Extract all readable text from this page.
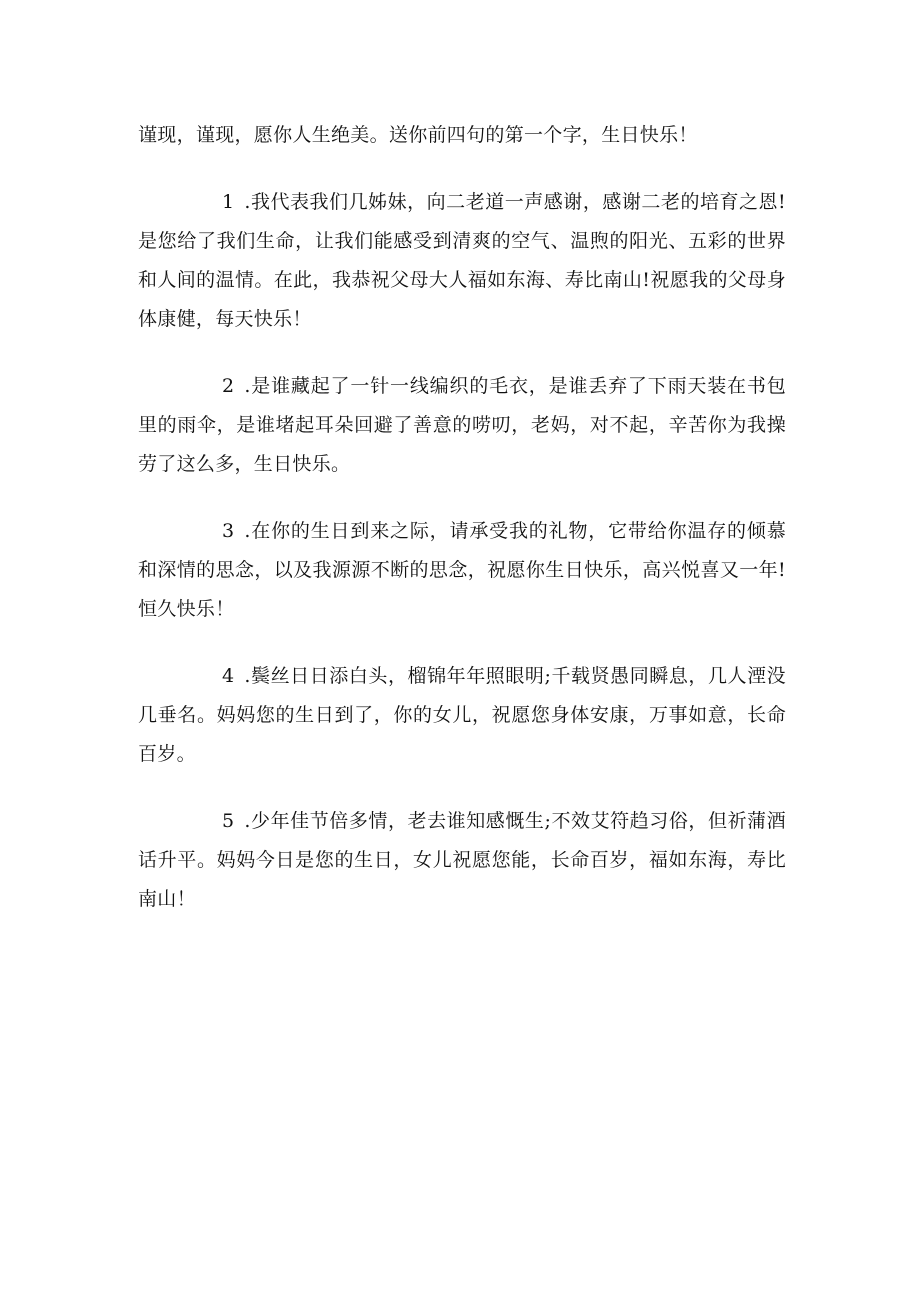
谨现，谨现，愿你人生绝美。送你前四句的第一个字，生日快乐！

1 .我代表我们几姊妹，向二老道一声感谢，感谢二老的培育之恩!是您给了我们生命，让我们能感受到清爽的空气、温煦的阳光、五彩的世界和人间的温情。在此，我恭祝父母大人福如东海、寿比南山!祝愿我的父母身体康健，每天快乐！

2 .是谁藏起了一针一线编织的毛衣，是谁丢弃了下雨天装在书包里的雨伞，是谁堵起耳朵回避了善意的唠叨，老妈，对不起，辛苦你为我操劳了这么多，生日快乐。

3 .在你的生日到来之际，请承受我的礼物，它带给你温存的倾慕和深情的思念，以及我源源不断的思念，祝愿你生日快乐，高兴悦喜又一年!恒久快乐！

4 .鬓丝日日添白头，榴锦年年照眼明;千载贤愚同瞬息，几人湮没几垂名。妈妈您的生日到了，你的女儿，祝愿您身体安康，万事如意，长命百岁。

5 .少年佳节倍多情，老去谁知感慨生;不效艾符趋习俗，但祈蒲酒话升平。妈妈今日是您的生日，女儿祝愿您能，长命百岁，福如东海，寿比南山！
